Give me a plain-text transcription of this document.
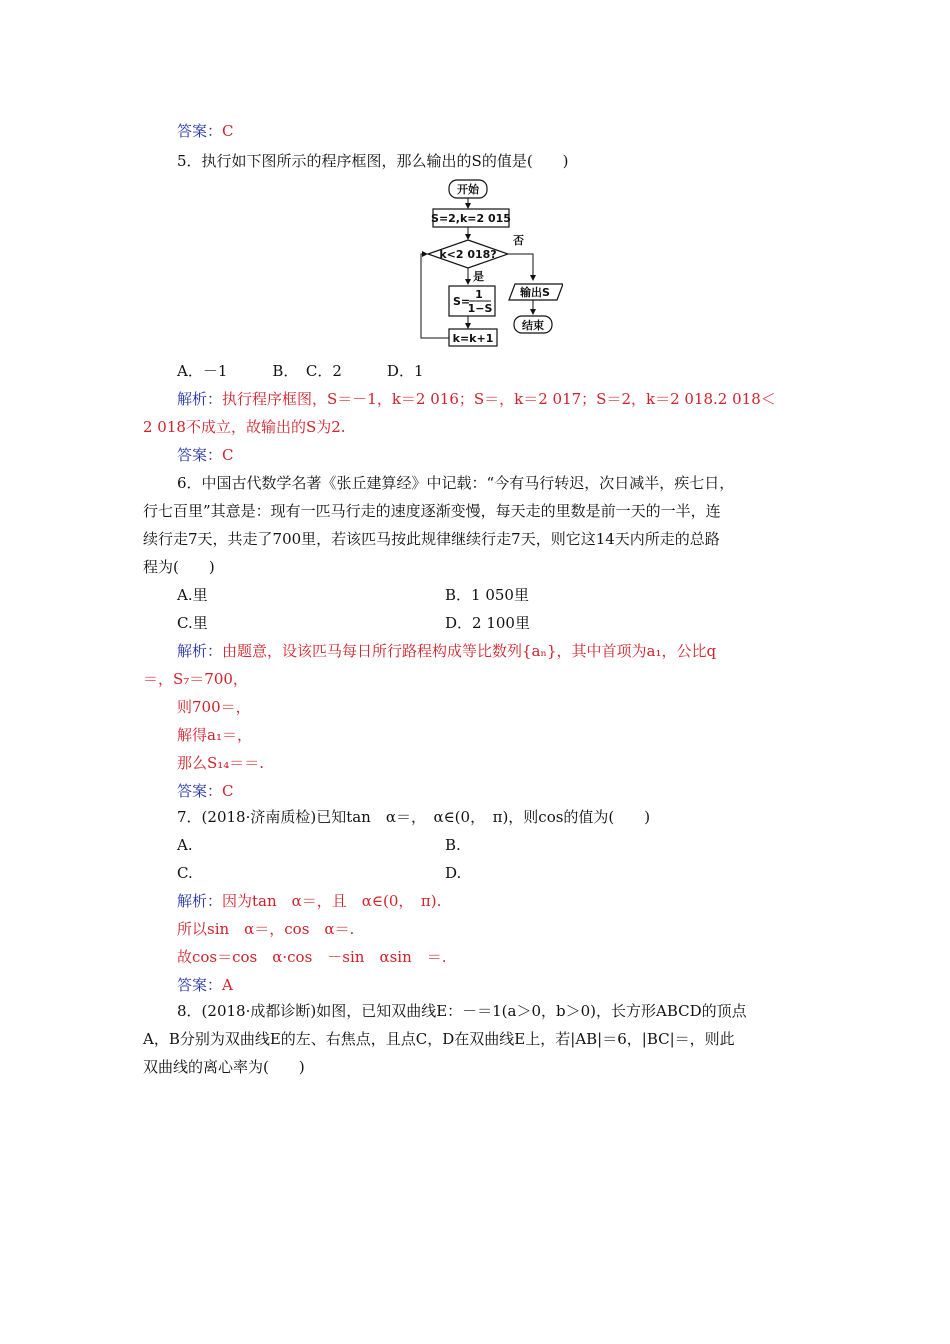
答案：C
5．执行如下图所示的程序框图，那么输出的S的值是(　　)
开始
S=2,k=2 015
k<2 018?
否
输出S
结束
是
S=
1
1−S
k=k+1
A．－1　　　B．　C．2　　　D．1
解析：执行程序框图，S＝－1，k＝2 016；S＝，k＝2 017；S＝2，k＝2 018.2 018＜
2 018不成立，故输出的S为2.
答案：C
6．中国古代数学名著《张丘建算经》中记载：“今有马行转迟，次日减半，疾七日，
行七百里”其意是：现有一匹马行走的速度逐渐变慢，每天走的里数是前一天的一半，连
续行走7天，共走了700里，若该匹马按此规律继续行走7天，则它这14天内所走的总路
程为(　　)
A.里	B．1 050里
C.里	D．2 100里
解析：由题意，设该匹马每日所行路程构成等比数列{aₙ}，其中首项为a₁，公比q
＝，S₇＝700，
则700＝，
解得a₁＝，
那么S₁₄＝＝.
答案：C
7．(2018·济南质检)已知tan　α＝，　α∈(0，　π)，则cos的值为(　　)
A.	B.
C.	D.
解析：因为tan　α＝，且　α∈(0，　π).
所以sin　α＝，cos　α＝.
故cos＝cos　α·cos　－sin　αsin　＝.
答案：A
8．(2018·成都诊断)如图，已知双曲线E：－＝1(a＞0，b＞0)，长方形ABCD的顶点
A，B分别为双曲线E的左、右焦点，且点C，D在双曲线E上，若|AB|＝6，|BC|＝，则此
双曲线的离心率为(　　)
